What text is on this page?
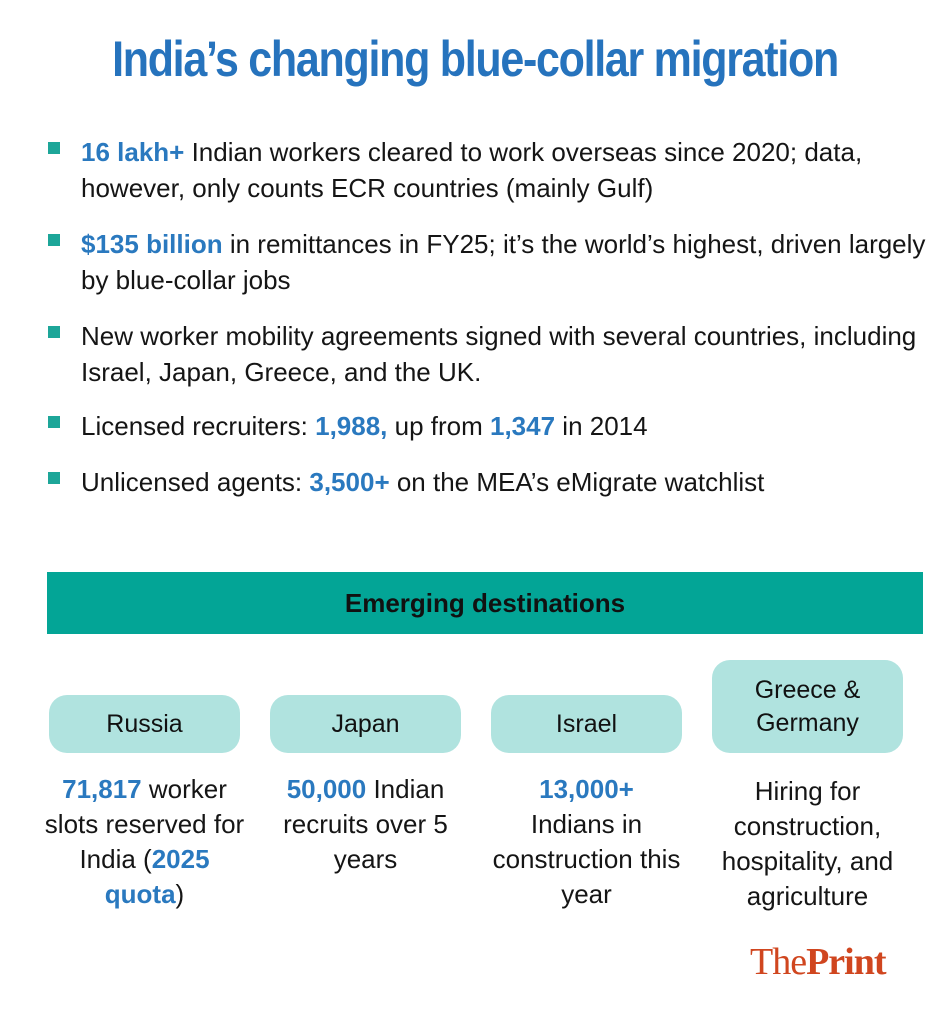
India’s changing blue-collar migration
16 lakh+ Indian workers cleared to work overseas since 2020; data, however, only counts ECR countries (mainly Gulf)
$135 billion in remittances in FY25; it’s the world’s highest, driven largely by blue-collar jobs
New worker mobility agreements signed with several countries, including Israel, Japan, Greece, and the UK.
Licensed recruiters: 1,988, up from 1,347 in 2014
Unlicensed agents: 3,500+ on the MEA’s eMigrate watchlist
Emerging destinations
Russia	Japan	Israel
Greece & Germany
71,817 worker slots reserved for India (2025 quota)
50,000 Indian recruits over 5 years
13,000+
Indians in construction this year
Hiring for construction, hospitality, and agriculture
ThePrint
